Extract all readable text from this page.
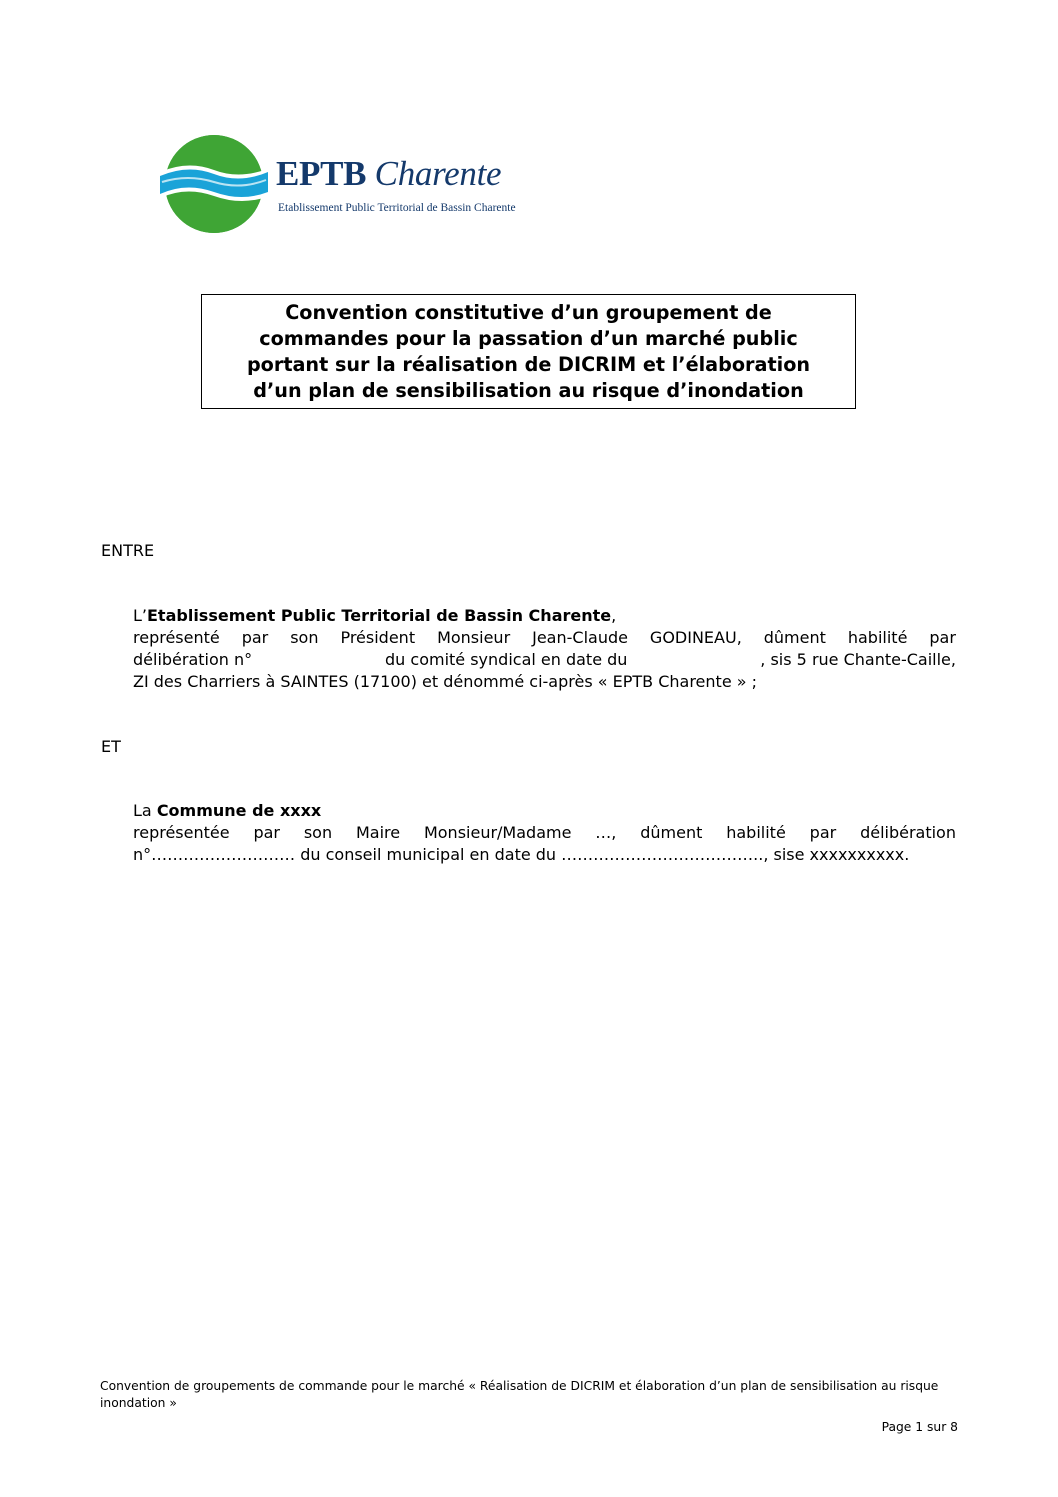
EPTB Charente
Etablissement Public Territorial de Bassin Charente
Convention constitutive d’un groupement de
commandes pour la passation d’un marché public
portant sur la réalisation de DICRIM et l’élaboration
d’un plan de sensibilisation au risque d’inondation
ENTRE
L’Etablissement Public Territorial de Bassin Charente,
représenté par son Président Monsieur Jean-Claude GODINEAU, dûment habilité par
délibération n°	du comité syndical en date du	, sis 5 rue Chante-Caille,
ZI des Charriers à SAINTES (17100) et dénommé ci-après « EPTB Charente » ;
ET
La Commune de xxxx
représentée par son Maire Monsieur/Madame …, dûment habilité par délibération
n°……………………… du conseil municipal en date du ……………………………….., sise xxxxxxxxxx.
Convention de groupements de commande pour le marché « Réalisation de DICRIM et élaboration d’un plan de sensibilisation au risque inondation »
Page 1 sur 8
